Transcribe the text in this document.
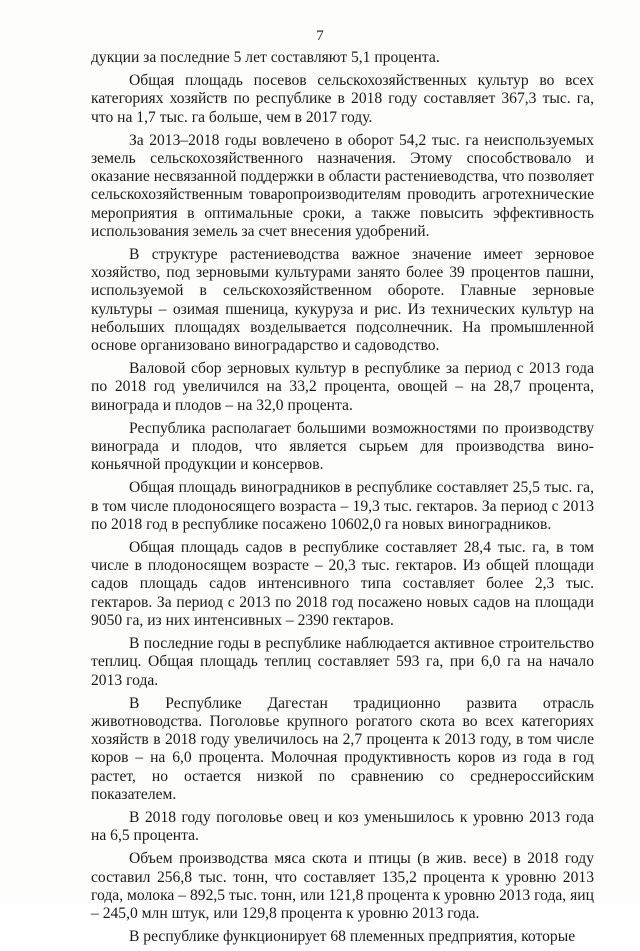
7

дукции за последние 5 лет составляют 5,1 процента.

Общая площадь посевов сельскохозяйственных культур во всех категориях хозяйств по республике в 2018 году составляет 367,3 тыс. га, что на 1,7 тыс. га больше, чем в 2017 году.

За 2013–2018 годы вовлечено в оборот 54,2 тыс. га неиспользуемых земель сельскохозяйственного назначения. Этому способствовало и оказание несвязанной поддержки в области растениеводства, что позволяет сельскохозяйственным товаропроизводителям проводить агротехнические мероприятия в оптимальные сроки, а также повысить эффективность использования земель за счет внесения удобрений.

В структуре растениеводства важное значение имеет зерновое хозяйство, под зерновыми культурами занято более 39 процентов пашни, используемой в сельскохозяйственном обороте. Главные зерновые культуры – озимая пшеница, кукуруза и рис. Из технических культур на небольших площадях возделывается подсолнечник. На промышленной основе организовано виноградарство и садоводство.

Валовой сбор зерновых культур в республике за период с 2013 года по 2018 год увеличился на 33,2 процента, овощей – на 28,7 процента, винограда и плодов – на 32,0 процента.

Республика располагает большими возможностями по производству винограда и плодов, что является сырьем для производства вино-коньячной продукции и консервов.

Общая площадь виноградников в республике составляет 25,5 тыс. га, в том числе плодоносящего возраста – 19,3 тыс. гектаров. За период с 2013 по 2018 год в республике посажено 10602,0 га новых виноградников.

Общая площадь садов в республике составляет 28,4 тыс. га, в том числе в плодоносящем возрасте – 20,3 тыс. гектаров. Из общей площади садов площадь садов интенсивного типа составляет более 2,3 тыс. гектаров. За период с 2013 по 2018 год посажено новых садов на площади 9050 га, из них интенсивных – 2390 гектаров.

В последние годы в республике наблюдается активное строительство теплиц. Общая площадь теплиц составляет 593 га, при 6,0 га на начало 2013 года.

В Республике Дагестан традиционно развита отрасль животноводства. Поголовье крупного рогатого скота во всех категориях хозяйств в 2018 году увеличилось на 2,7 процента к 2013 году, в том числе коров – на 6,0 процента. Молочная продуктивность коров из года в год растет, но остается низкой по сравнению со среднероссийским показателем.

В 2018 году поголовье овец и коз уменьшилось к уровню 2013 года на 6,5 процента.

Объем производства мяса скота и птицы (в жив. весе) в 2018 году составил 256,8 тыс. тонн, что составляет 135,2 процента к уровню 2013 года, молока – 892,5 тыс. тонн, или 121,8 процента к уровню 2013 года, яиц – 245,0 млн штук, или 129,8 процента к уровню 2013 года.

В республике функционирует 68 племенных предприятия, которые
